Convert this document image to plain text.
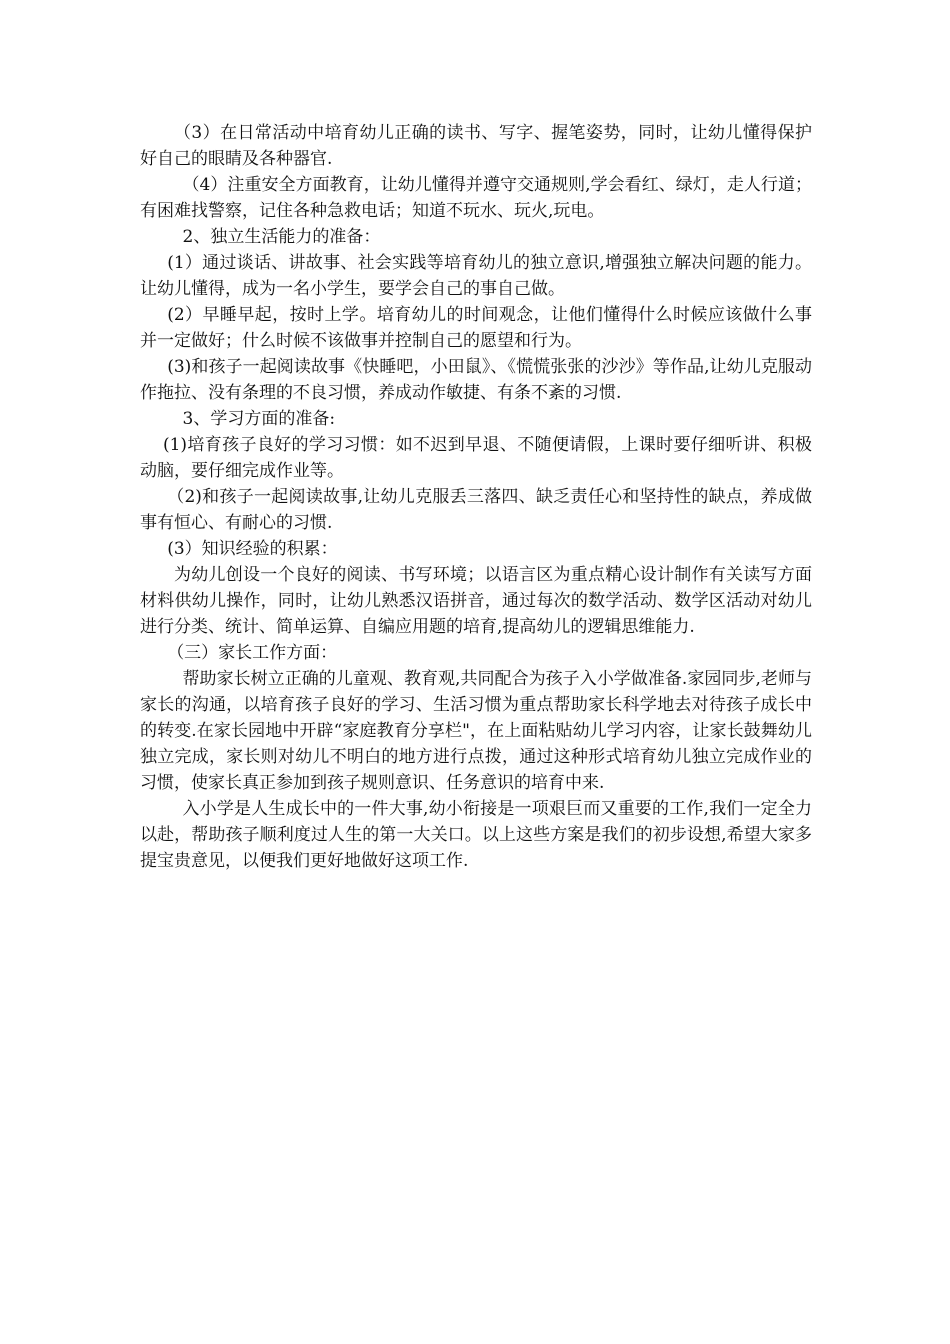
（3）在日常活动中培育幼儿正确的读书、写字、握笔姿势，同时，让幼儿懂得保护好自己的眼睛及各种器官.

（4）注重安全方面教育，让幼儿懂得并遵守交通规则,学会看红、绿灯，走人行道；有困难找警察，记住各种急救电话；知道不玩水、玩火,玩电。

2、独立生活能力的准备：

(1）通过谈话、讲故事、社会实践等培育幼儿的独立意识,增强独立解决问题的能力。让幼儿懂得，成为一名小学生，要学会自己的事自己做。

(2）早睡早起，按时上学。培育幼儿的时间观念，让他们懂得什么时候应该做什么事并一定做好；什么时候不该做事并控制自己的愿望和行为。

(3)和孩子一起阅读故事《快睡吧，小田鼠》、《慌慌张张的沙沙》等作品,让幼儿克服动作拖拉、没有条理的不良习惯，养成动作敏捷、有条不紊的习惯.

3、学习方面的准备:

(1)培育孩子良好的学习习惯：如不迟到早退、不随便请假，上课时要仔细听讲、积极动脑，要仔细完成作业等。

（2)和孩子一起阅读故事,让幼儿克服丢三落四、缺乏责任心和坚持性的缺点，养成做事有恒心、有耐心的习惯.

(3）知识经验的积累：

为幼儿创设一个良好的阅读、书写环境；以语言区为重点精心设计制作有关读写方面材料供幼儿操作，同时，让幼儿熟悉汉语拼音，通过每次的数学活动、数学区活动对幼儿进行分类、统计、简单运算、自编应用题的培育,提高幼儿的逻辑思维能力.

（三）家长工作方面：

帮助家长树立正确的儿童观、教育观,共同配合为孩子入小学做准备.家园同步,老师与家长的沟通，以培育孩子良好的学习、生活习惯为重点帮助家长科学地去对待孩子成长中的转变.在家长园地中开辟“家庭教育分享栏"，在上面粘贴幼儿学习内容，让家长鼓舞幼儿独立完成，家长则对幼儿不明白的地方进行点拨，通过这种形式培育幼儿独立完成作业的习惯，使家长真正参加到孩子规则意识、任务意识的培育中来.

入小学是人生成长中的一件大事,幼小衔接是一项艰巨而又重要的工作,我们一定全力以赴，帮助孩子顺利度过人生的第一大关口。以上这些方案是我们的初步设想,希望大家多提宝贵意见，以便我们更好地做好这项工作.
